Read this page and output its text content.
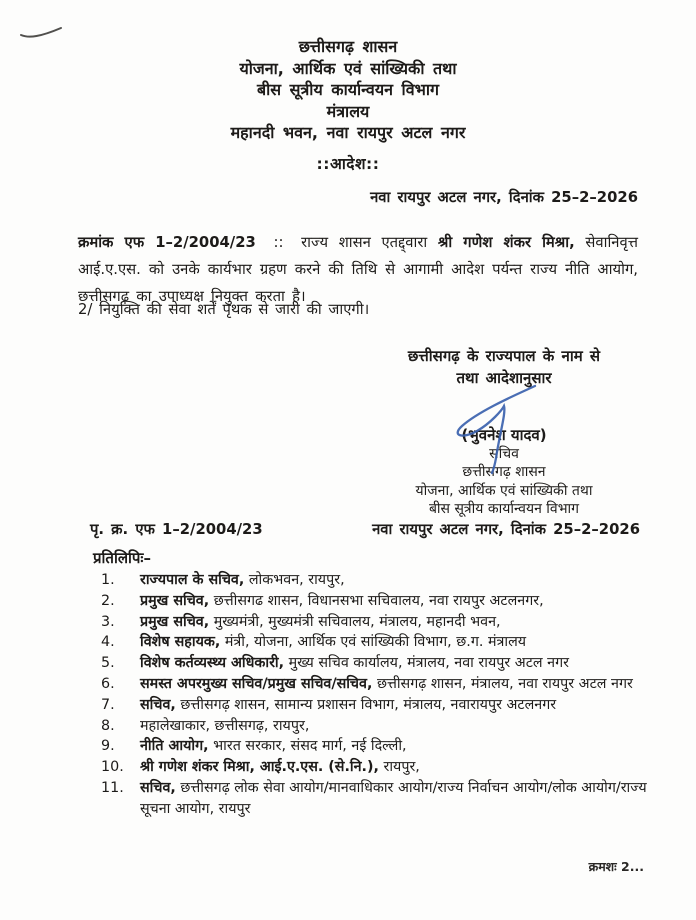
छत्तीसगढ़ शासन
योजना, आर्थिक एवं सांख्यिकी तथा
बीस सूत्रीय कार्यान्वयन विभाग
मंत्रालय
महानदी भवन, नवा रायपुर अटल नगर
::आदेश::
नवा रायपुर अटल नगर, दिनांक 25–2–2026

क्रमांक एफ 1–2/2004/23 :: राज्य शासन एतद्द्वारा श्री गणेश शंकर मिश्रा, सेवानिवृत्त आई.ए.एस. को उनके कार्यभार ग्रहण करने की तिथि से आगामी आदेश पर्यन्त राज्य नीति आयोग, छत्तीसगढ़ का उपाध्यक्ष नियुक्त करता है।

2/ नियुक्ति की सेवा शर्तें पृथक से जारी की जाएगी।
छत्तीसगढ़ के राज्यपाल के नाम से
तथा आदेशानुसार
(भुवनेश यादव)
सचिव
छत्तीसगढ़ शासन
योजना, आर्थिक एवं सांख्यिकी तथा
बीस सूत्रीय कार्यान्वयन विभाग
पृ. क्र. एफ 1–2/2004/23	नवा रायपुर अटल नगर, दिनांक 25–2–2026
प्रतिलिपिः–
1.	राज्यपाल के सचिव, लोकभवन, रायपुर,
2.	प्रमुख सचिव, छत्तीसगढ शासन, विधानसभा सचिवालय, नवा रायपुर अटलनगर,
3.	प्रमुख सचिव, मुख्यमंत्री, मुख्यमंत्री सचिवालय, मंत्रालय, महानदी भवन,
4.	विशेष सहायक, मंत्री, योजना, आर्थिक एवं सांख्यिकी विभाग, छ.ग. मंत्रालय
5.	विशेष कर्तव्यस्थ्य अधिकारी, मुख्य सचिव कार्यालय, मंत्रालय, नवा रायपुर अटल नगर
6.	समस्त अपरमुख्य सचिव/प्रमुख सचिव/सचिव, छत्तीसगढ़ शासन, मंत्रालय, नवा रायपुर अटल नगर
7.	सचिव, छत्तीसगढ़ शासन, सामान्य प्रशासन विभाग, मंत्रालय, नवारायपुर अटलनगर
8.	महालेखाकार, छत्तीसगढ़, रायपुर,
9.	नीति आयोग, भारत सरकार, संसद मार्ग, नई दिल्ली,
10.	श्री गणेश शंकर मिश्रा, आई.ए.एस. (से.नि.), रायपुर,
11.	सचिव, छत्तीसगढ़ लोक सेवा आयोग/मानवाधिकार आयोग/राज्य निर्वाचन आयोग/लोक आयोग/राज्य सूचना आयोग, रायपुर
क्रमशः 2...
